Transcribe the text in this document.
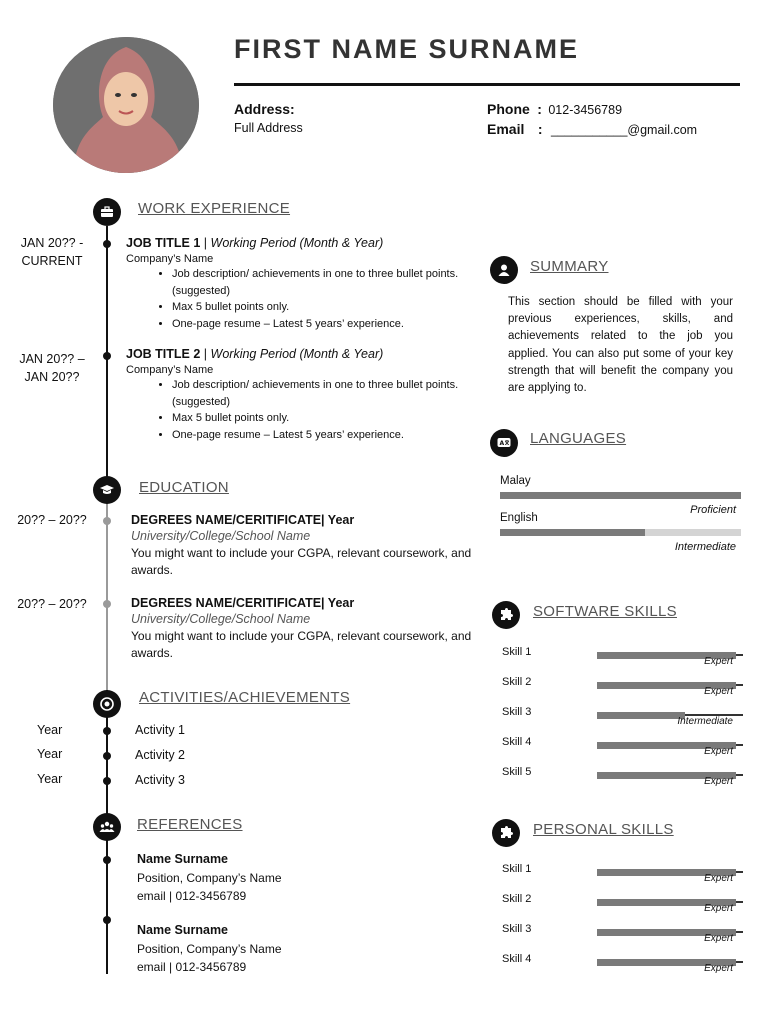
FIRST NAME SURNAME
Address:
Full Address
Phone : 012-3456789
Email : ___________@gmail.com
WORK EXPERIENCE
JAN 20?? -
CURRENT
JOB TITLE 1 | Working Period (Month & Year)
Company’s Name
• Job description/ achievements in one to three bullet points. (suggested)
• Max 5 bullet points only.
• One-page resume – Latest 5 years’ experience.
JAN 20?? –
JAN 20??
JOB TITLE 2 | Working Period (Month & Year)
Company’s Name
• Job description/ achievements in one to three bullet points. (suggested)
• Max 5 bullet points only.
• One-page resume – Latest 5 years’ experience.
EDUCATION
20?? – 20??	DEGREES NAME/CERITIFICATE| Year
University/College/School Name
You might want to include your CGPA, relevant coursework, and awards.
20?? – 20??	DEGREES NAME/CERITIFICATE| Year
University/College/School Name
You might want to include your CGPA, relevant coursework, and awards.
ACTIVITIES/ACHIEVEMENTS
Year	Activity 1
Year	Activity 2
Year	Activity 3
REFERENCES
Name Surname
Position, Company’s Name
email | 012-3456789
Name Surname
Position, Company’s Name
email | 012-3456789
SUMMARY
This section should be filled with your previous experiences, skills, and achievements related to the job you applied. You can also put some of your key strength that will benefit the company you are applying to.
A LANGUAGES
Malay
Proficient
English
Intermediate
SOFTWARE SKILLS
Skill 1
Expert
Skill 2
Expert
Skill 3
Intermediate
Skill 4
Expert
Skill 5
Expert
PERSONAL SKILLS
Skill 1
Expert
Skill 2
Expert
Skill 3
Expert
Skill 4
Expert
